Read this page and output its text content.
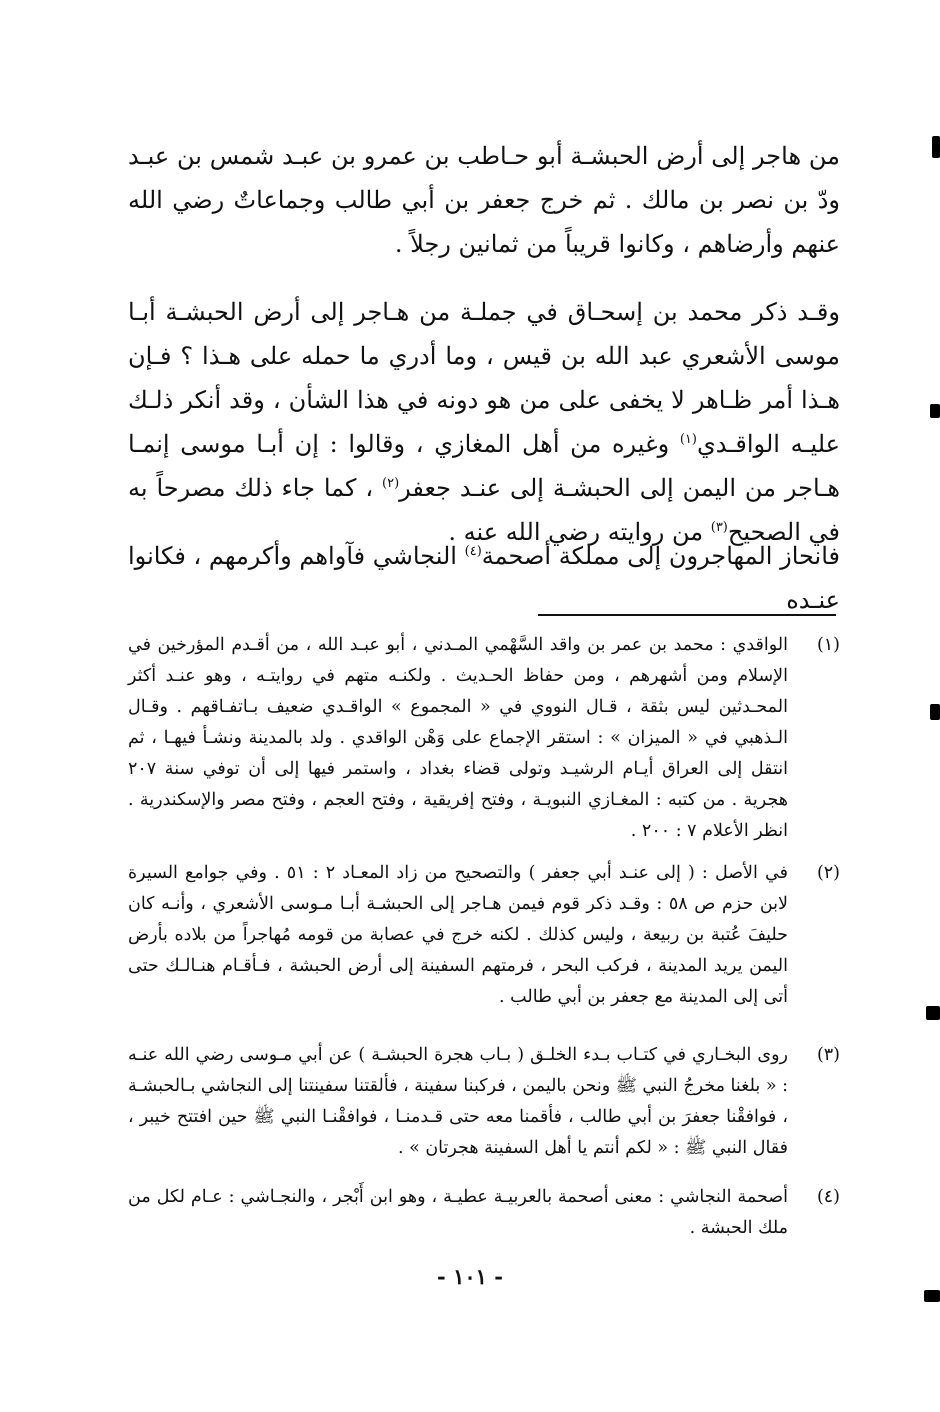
من هاجر إلى أرض الحبشـة أبو حـاطب بن عمرو بن عبـد شمس بن عبـد ودّ بن نصر بن مالك . ثم خرج جعفر بن أبي طالب وجماعاتٌ رضي الله عنهم وأرضاهم ، وكانوا قريباً من ثمانين رجلاً .

وقـد ذكر محمد بن إسحـاق في جملـة من هـاجر إلى أرض الحبشـة أبـا موسى الأشعري عبد الله بن قيس ، وما أدري ما حمله على هـذا ؟ فـإن هـذا أمر ظـاهر لا يخفى على من هو دونه في هذا الشأن ، وقد أنكر ذلـك عليـه الواقـدي$^{(١)}$ وغيره من أهل المغازي ، وقالوا : إن أبـا موسى إنمـا هـاجر من اليمن إلى الحبشـة إلى عنـد جعفر$^{(٢)}$ ، كما جاء ذلك مصرحاً به في الصحيح$^{(٣)}$ من روايته رضي الله عنه .

فانحاز المهاجرون إلى مملكة أصحمة$^{(٤)}$ النجاشي فآواهم وأكرمهم ، فكانوا عنـده

(١)
الواقدي : محمد بن عمر بن واقد السَّهْمي المـدني ، أبو عبـد الله ، من أقـدم المؤرخين في الإسلام ومن أشهرهم ، ومن حفاظ الحـديث . ولكنـه متهم في روايتـه ، وهو عنـد أكثر المحـدثين ليس بثقة ، قـال النووي في « المجموع » الواقـدي ضعيف بـاتفـاقهم . وقـال الـذهبي في « الميزان » : استقر الإجماع على وَهْن الواقدي . ولد بالمدينة ونشـأ فيهـا ، ثم انتقل إلى العراق أيـام الرشيـد وتولى قضاء بغداد ، واستمر فيها إلى أن توفي سنة ٢٠٧ هجرية . من كتبه : المغـازي النبويـة ، وفتح إفريقية ، وفتح العجم ، وفتح مصر والإسكندرية . انظر الأعلام ٧ : ٢٠٠ .
(٢)
في الأصل : ( إلى عنـد أبي جعفر ) والتصحيح من زاد المعـاد ٢ : ٥١ . وفي جوامع السيرة لابن حزم ص ٥٨ : وقـد ذكر قوم فيمن هـاجر إلى الحبشـة أبـا مـوسى الأشعري ، وأنـه كان حليفَ عُتبة بن ربيعة ، وليس كذلك . لكنه خرج في عصابة من قومه مُهاجراً من بلاده بأرض اليمن يريد المدينة ، فركب البحر ، فرمتهم السفينة إلى أرض الحبشة ، فـأقـام هنـالـك حتى أتى إلى المدينة مع جعفر بن أبي طالب .
(٣)
روى البخـاري في كتـاب بـدء الخلـق ( بـاب هجرة الحبشـة ) عن أبي مـوسى رضي الله عنـه : « بلغنا مخرجُ النبي ﷺ ونحن باليمن ، فركبنا سفينة ، فألقتنا سفينتنا إلى النجاشي بـالحبشـة ، فوافقْنا جعفرَ بن أبي طالب ، فأقمنا معه حتى قـدمنـا ، فوافقْنـا النبي ﷺ حين افتتح خيبر ، فقال النبي ﷺ : « لكم أنتم يا أهل السفينة هجرتان » .
(٤)
أصحمة النجاشي : معنى أصحمة بالعربيـة عطيـة ، وهو ابن أَبْجر ، والنجـاشي : عـام لكل من ملك الحبشة .
- ١٠١ -
